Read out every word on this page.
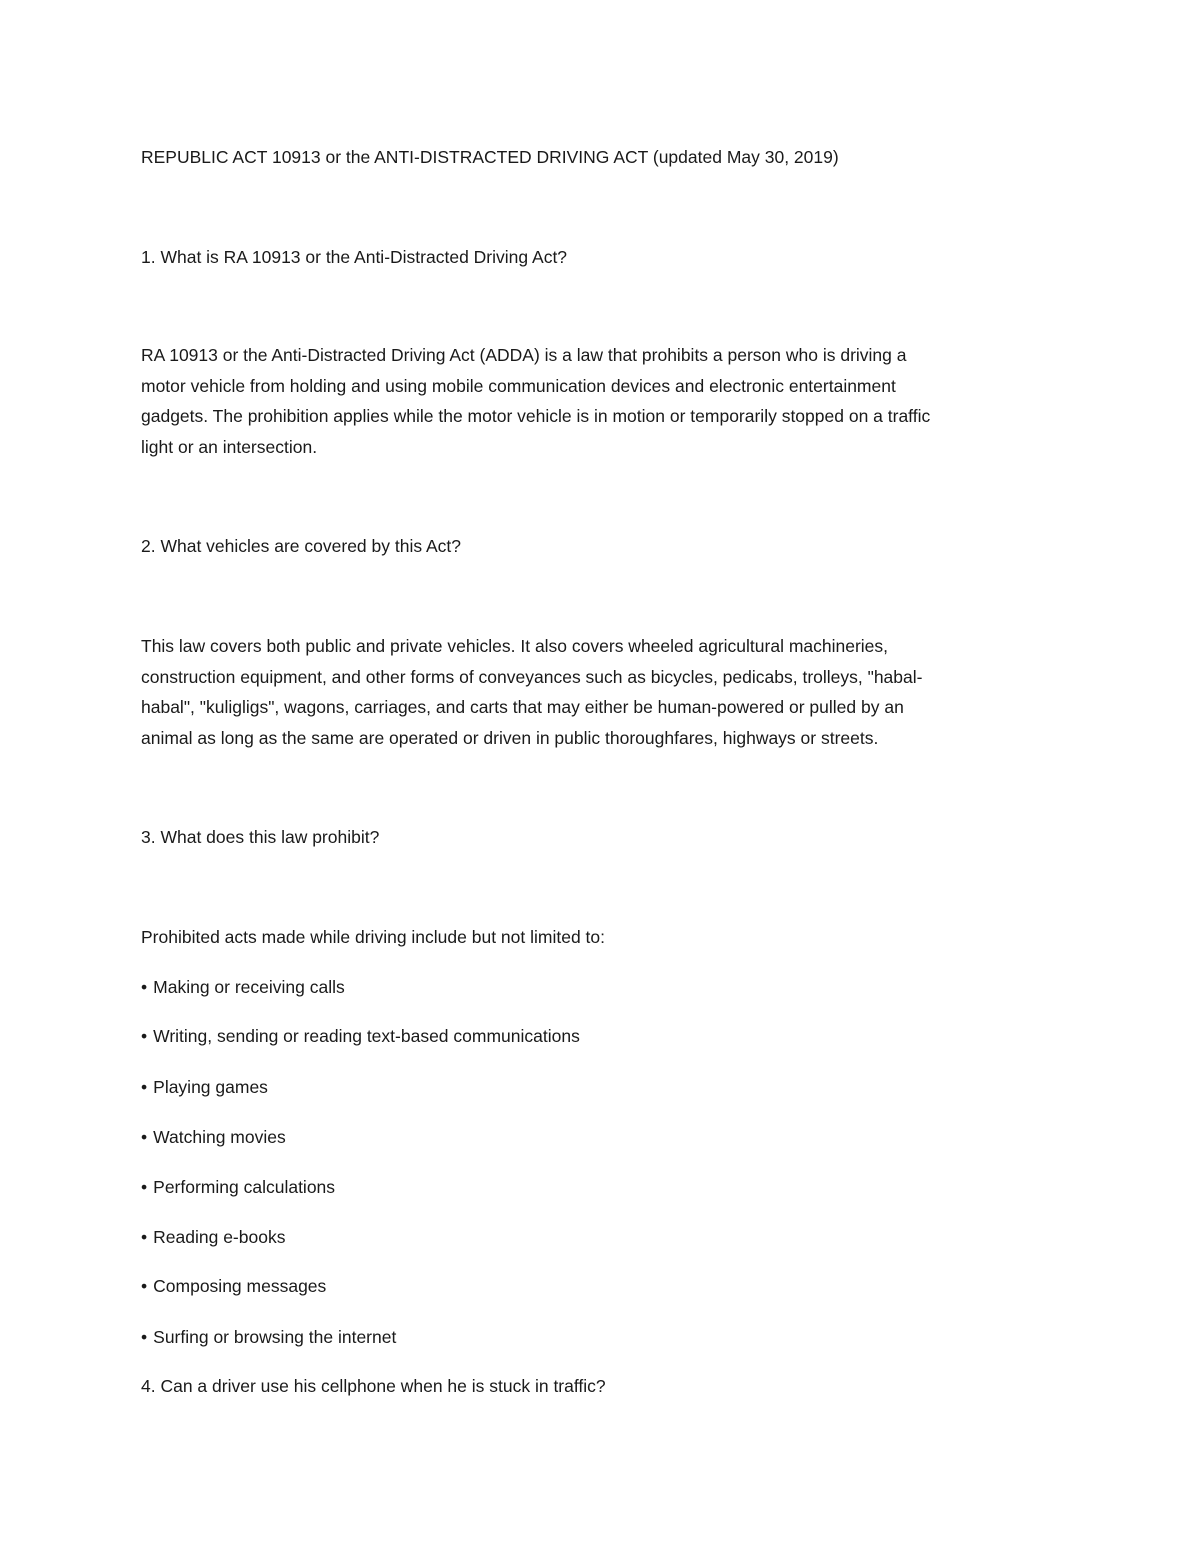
REPUBLIC ACT 10913 or the ANTI-DISTRACTED DRIVING ACT (updated May 30, 2019)

1. What is RA 10913 or the Anti-Distracted Driving Act?

RA 10913 or the Anti-Distracted Driving Act (ADDA) is a law that prohibits a person who is driving a
motor vehicle from holding and using mobile communication devices and electronic entertainment
gadgets. The prohibition applies while the motor vehicle is in motion or temporarily stopped on a traffic
light or an intersection.

2. What vehicles are covered by this Act?

This law covers both public and private vehicles. It also covers wheeled agricultural machineries,
construction equipment, and other forms of conveyances such as bicycles, pedicabs, trolleys, "habal-
habal", "kuligligs", wagons, carriages, and carts that may either be human-powered or pulled by an
animal as long as the same are operated or driven in public thoroughfares, highways or streets.

3. What does this law prohibit?

Prohibited acts made while driving include but not limited to:

• Making or receiving calls

• Writing, sending or reading text-based communications

• Playing games

• Watching movies

• Performing calculations

• Reading e-books

• Composing messages

• Surfing or browsing the internet

4. Can a driver use his cellphone when he is stuck in traffic?
